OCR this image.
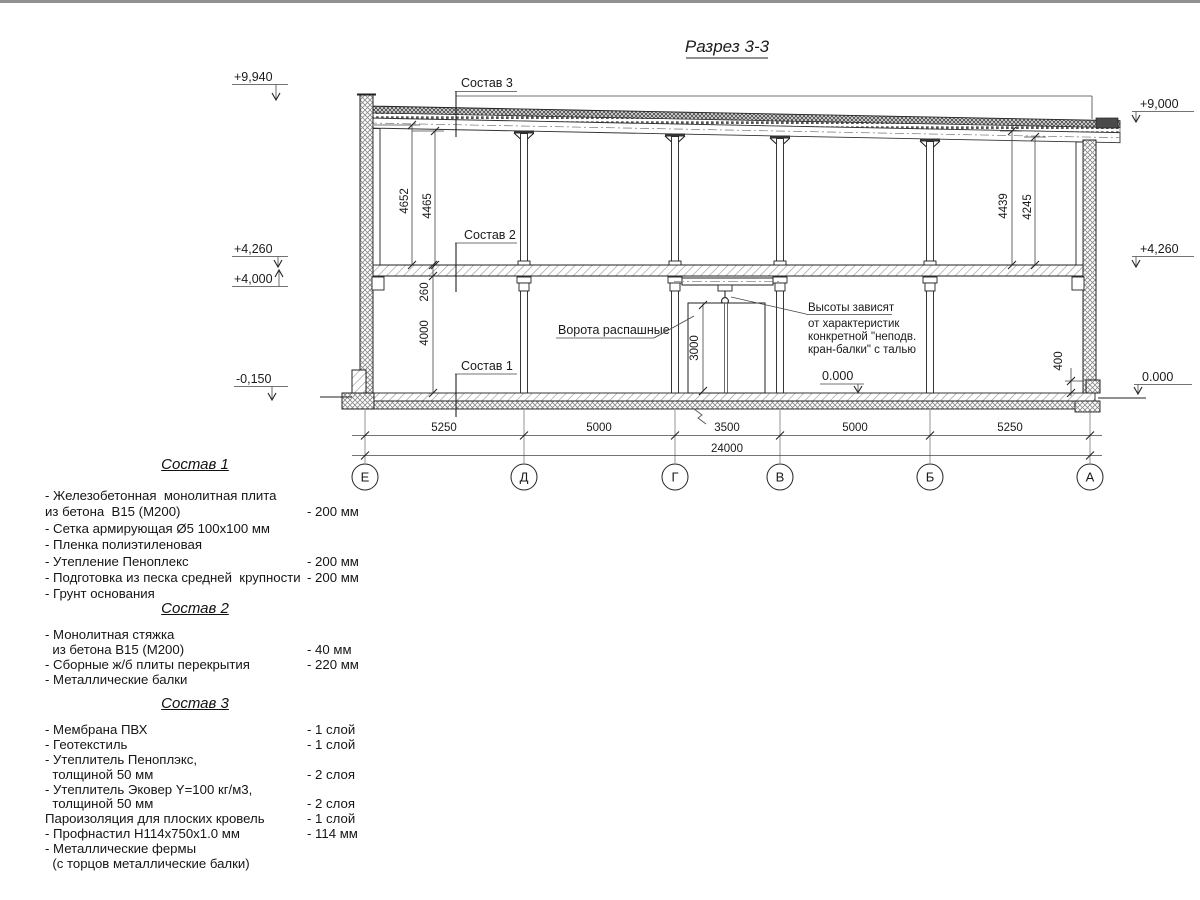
Разрез 3-3
3000
4652 4465
260
4000
4439 4245
400
+9,940
+4,260
+4,000
-0,150
+9,000
+4,260
0.000
0.000
Состав 3
Состав 2
Состав 1
Ворота распашные
Высоты зависят
от характеристик
конкретной "неподв.
кран-балки" с талью
5250	5000	3500	5000	5250
24000
Е	Д	Г	В	Б	А
Состав 1
- Железобетонная  монолитная плита
из бетона  В15 (М200)	- 200 мм
- Сетка армирующая Ø5 100х100 мм
- Пленка полиэтиленовая
- Утепление Пеноплекс	- 200 мм
- Подготовка из песка средней  крупности - 200 мм
- Грунт основания
Состав 2
- Монолитная стяжка
из бетона В15 (М200)	- 40 мм
- Сборные ж/б плиты перекрытия	- 220 мм
- Металлические балки
Состав 3
- Мембрана ПВХ	- 1 слой
- Геотекстиль	- 1 слой
- Утеплитель Пеноплэкс,
толщиной 50 мм	- 2 слоя
- Утеплитель Эковер Y=100 кг/м3,
толщиной 50 мм	- 2 слоя
Пароизоляция для плоских кровель	- 1 слой
- Профнастил Н114х750х1.0 мм	- 114 мм
- Металлические фермы
(с торцов металлические балки)
